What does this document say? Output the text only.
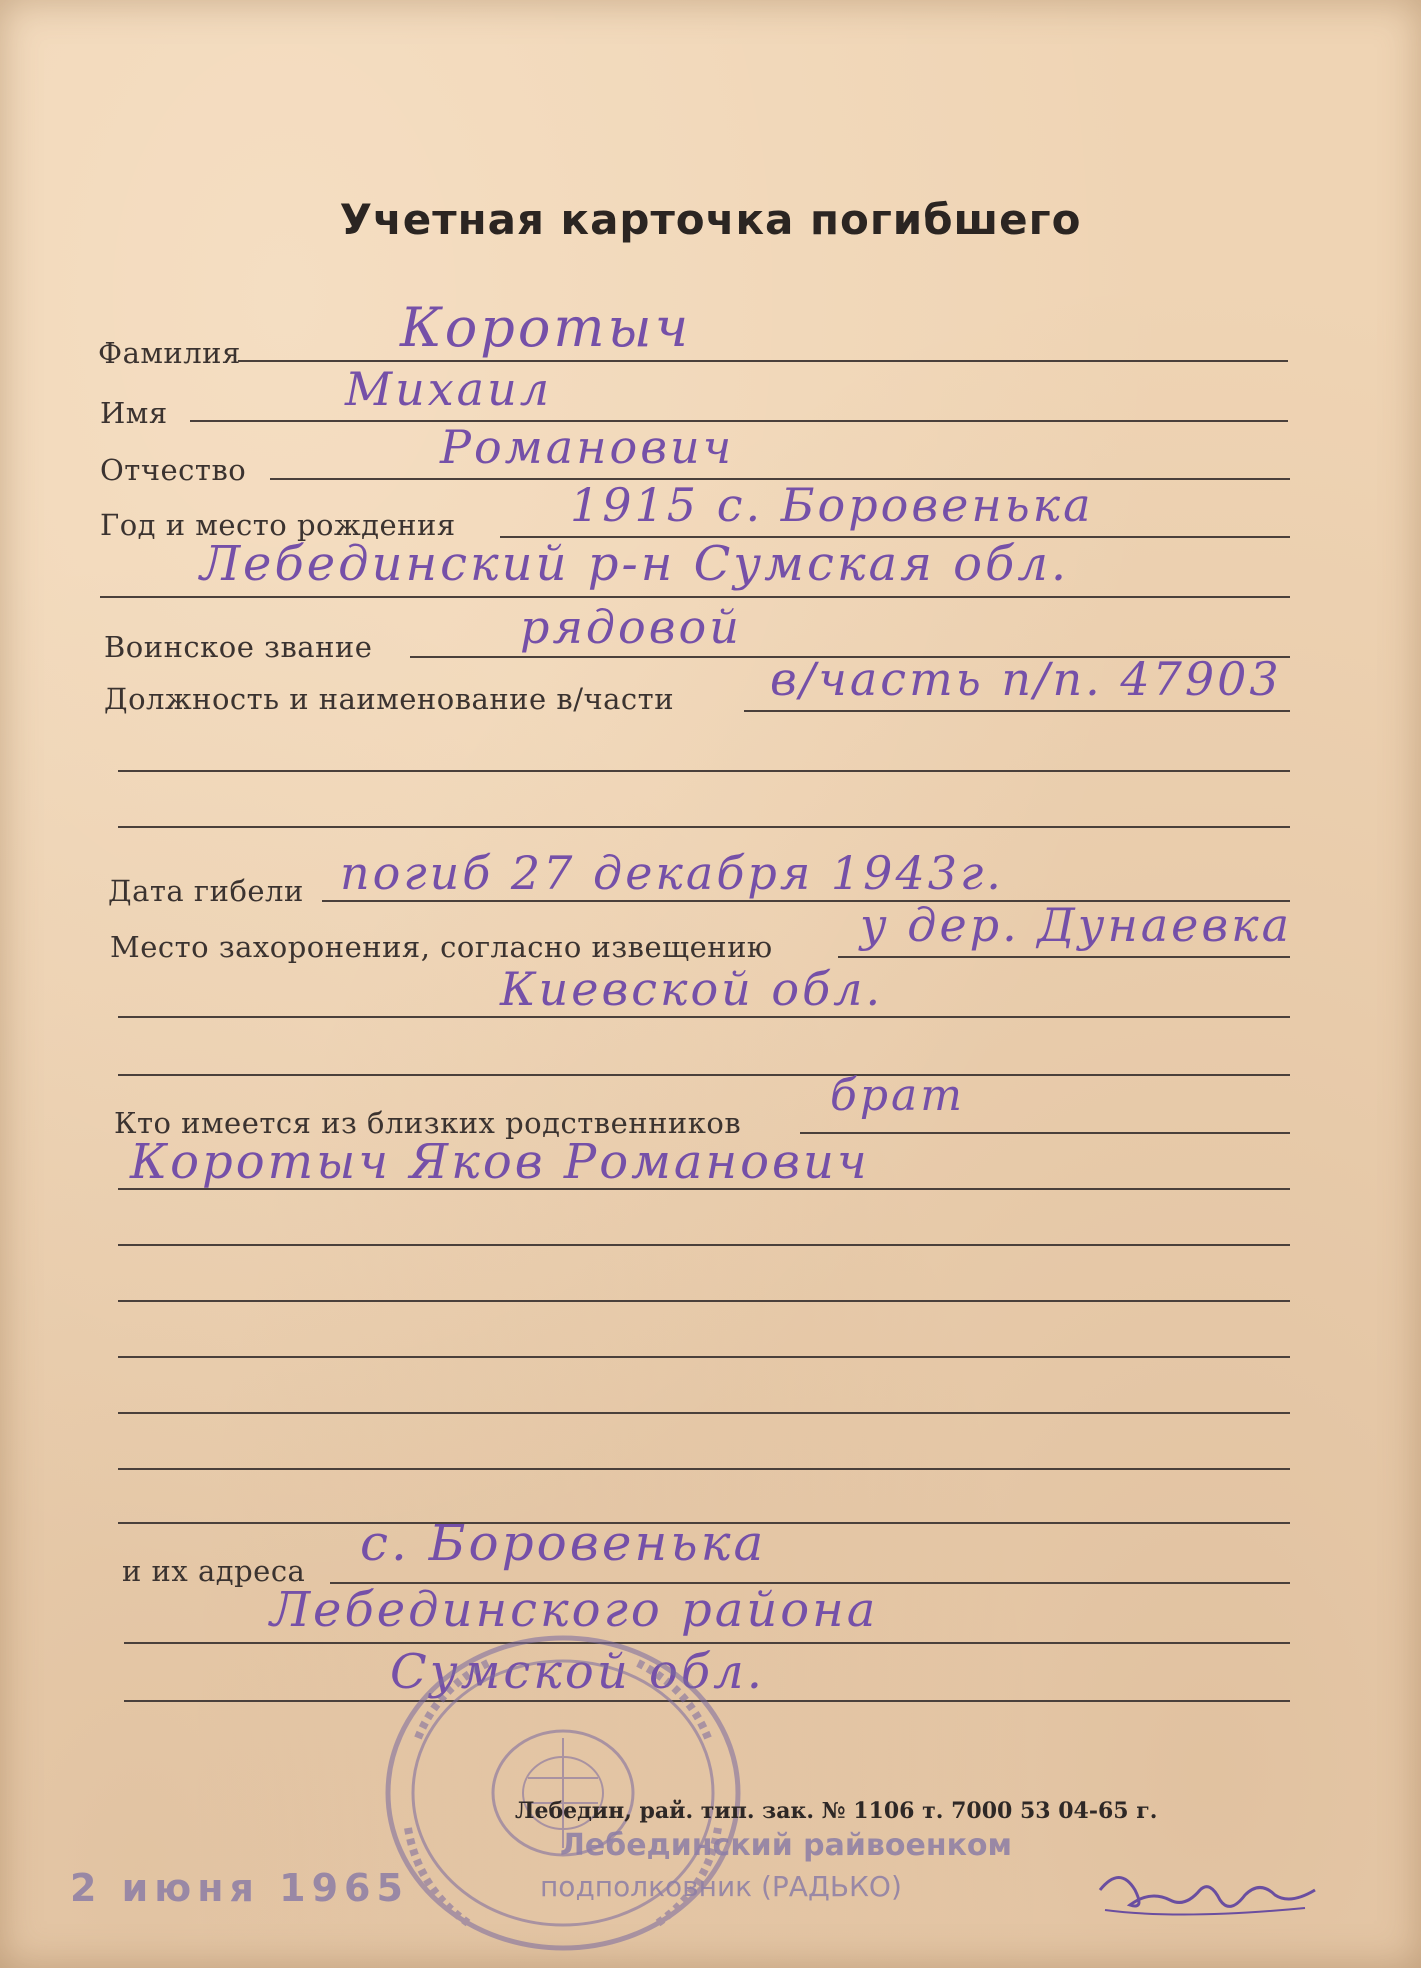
Учетная карточка погибшего
Фамилия	Коротыч
Имя	Михаил
Отчество	Романович
Год и место рождения 1915 с. Боровенька
Лебединский р-н Сумская обл.
Воинское звание	рядовой
Должность и наименование в/части в/часть п/п. 47903
Дата гибели погиб 27 декабря 1943г.
Место захоронения, согласно извещению у дер. Дунаевка
Киевской обл.
Кто имеется из близких родственников
брат
Коротыч Яков Романович
и их адреса с. Боровенька
Лебединского района
Сумской обл.
Лебедин, рай. тип. зак. № 1106 т. 7000 53 04-65 г.
2 июня 1965
Лебединский райвоенком
подполковник (РАДЬКО)
